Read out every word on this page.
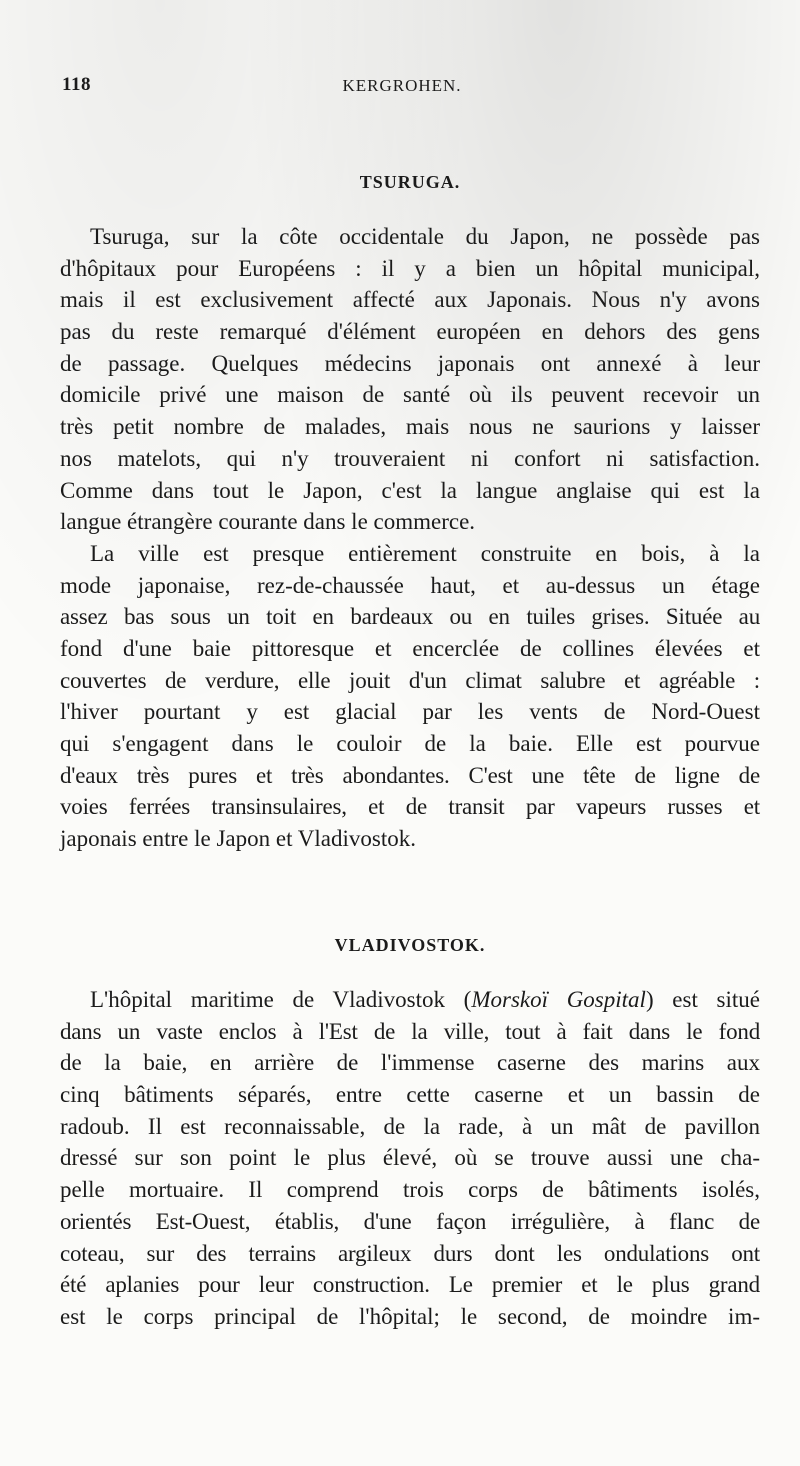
118	KERGROHEN.
TSURUGA.
Tsuruga, sur la côte occidentale du Japon, ne possède pas
d'hôpitaux pour Européens : il y a bien un hôpital municipal,
mais il est exclusivement affecté aux Japonais. Nous n'y avons
pas du reste remarqué d'élément européen en dehors des gens
de passage. Quelques médecins japonais ont annexé à leur
domicile privé une maison de santé où ils peuvent recevoir un
très petit nombre de malades, mais nous ne saurions y laisser
nos matelots, qui n'y trouveraient ni confort ni satisfaction.
Comme dans tout le Japon, c'est la langue anglaise qui est la
langue étrangère courante dans le commerce.
La ville est presque entièrement construite en bois, à la
mode japonaise, rez-de-chaussée haut, et au-dessus un étage
assez bas sous un toit en bardeaux ou en tuiles grises. Située au
fond d'une baie pittoresque et encerclée de collines élevées et
couvertes de verdure, elle jouit d'un climat salubre et agréable :
l'hiver pourtant y est glacial par les vents de Nord-Ouest
qui s'engagent dans le couloir de la baie. Elle est pourvue
d'eaux très pures et très abondantes. C'est une tête de ligne de
voies ferrées transinsulaires, et de transit par vapeurs russes et
japonais entre le Japon et Vladivostok.
VLADIVOSTOK.
L'hôpital maritime de Vladivostok (Morskoï Gospital) est situé
dans un vaste enclos à l'Est de la ville, tout à fait dans le fond
de la baie, en arrière de l'immense caserne des marins aux
cinq bâtiments séparés, entre cette caserne et un bassin de
radoub. Il est reconnaissable, de la rade, à un mât de pavillon
dressé sur son point le plus élevé, où se trouve aussi une cha-
pelle mortuaire. Il comprend trois corps de bâtiments isolés,
orientés Est-Ouest, établis, d'une façon irrégulière, à flanc de
coteau, sur des terrains argileux durs dont les ondulations ont
été aplanies pour leur construction. Le premier et le plus grand
est le corps principal de l'hôpital; le second, de moindre im-
